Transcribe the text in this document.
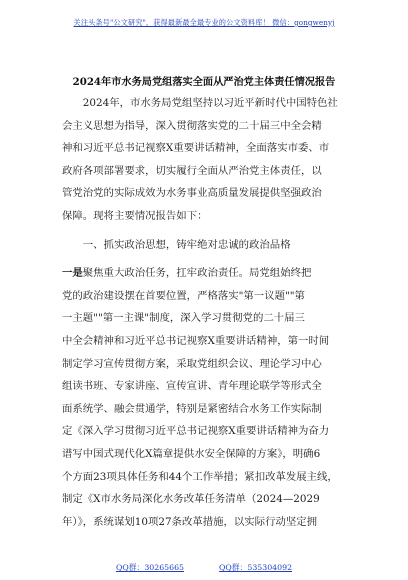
关注头条号"公文研究"，获得最新最全最专业的公文资料库！ 微信：gongwenyj
2024年市水务局党组落实全面从严治党主体责任情况报告
　　2024年，市水务局党组坚持以习近平新时代中国特色社
会主义思想为指导，深入贯彻落实党的二十届三中全会精
神和习近平总书记视察X重要讲话精神，全面落实市委、市
政府各项部署要求，切实履行全面从严治党主体责任，以
管党治党的实际成效为水务事业高质量发展提供坚强政治
保障。现将主要情况报告如下：
　　一、抓实政治思想，铸牢绝对忠诚的政治品格
一是聚焦重大政治任务，扛牢政治责任。局党组始终把
党的政治建设摆在首要位置，严格落实"第一议题""第
一主题""第一主课"制度，深入学习贯彻党的二十届三
中全会精神和习近平总书记视察X重要讲话精神，第一时间
制定学习宣传贯彻方案，采取党组织会议、理论学习中心
组读书班、专家讲座、宣传宣讲、青年理论联学等形式全
面系统学、融会贯通学，特别是紧密结合水务工作实际制
定《深入学习贯彻习近平总书记视察X重要讲话精神为奋力
谱写中国式现代化X篇章提供水安全保障的方案》，明确6
个方面23项具体任务和44个工作举措；紧扣改革发展主线，
制定《X市水务局深化水务改革任务清单（2024—2029
年）》，系统谋划10项27条改革措施，以实际行动坚定拥
QQ群：30265665	QQ群：535304092
